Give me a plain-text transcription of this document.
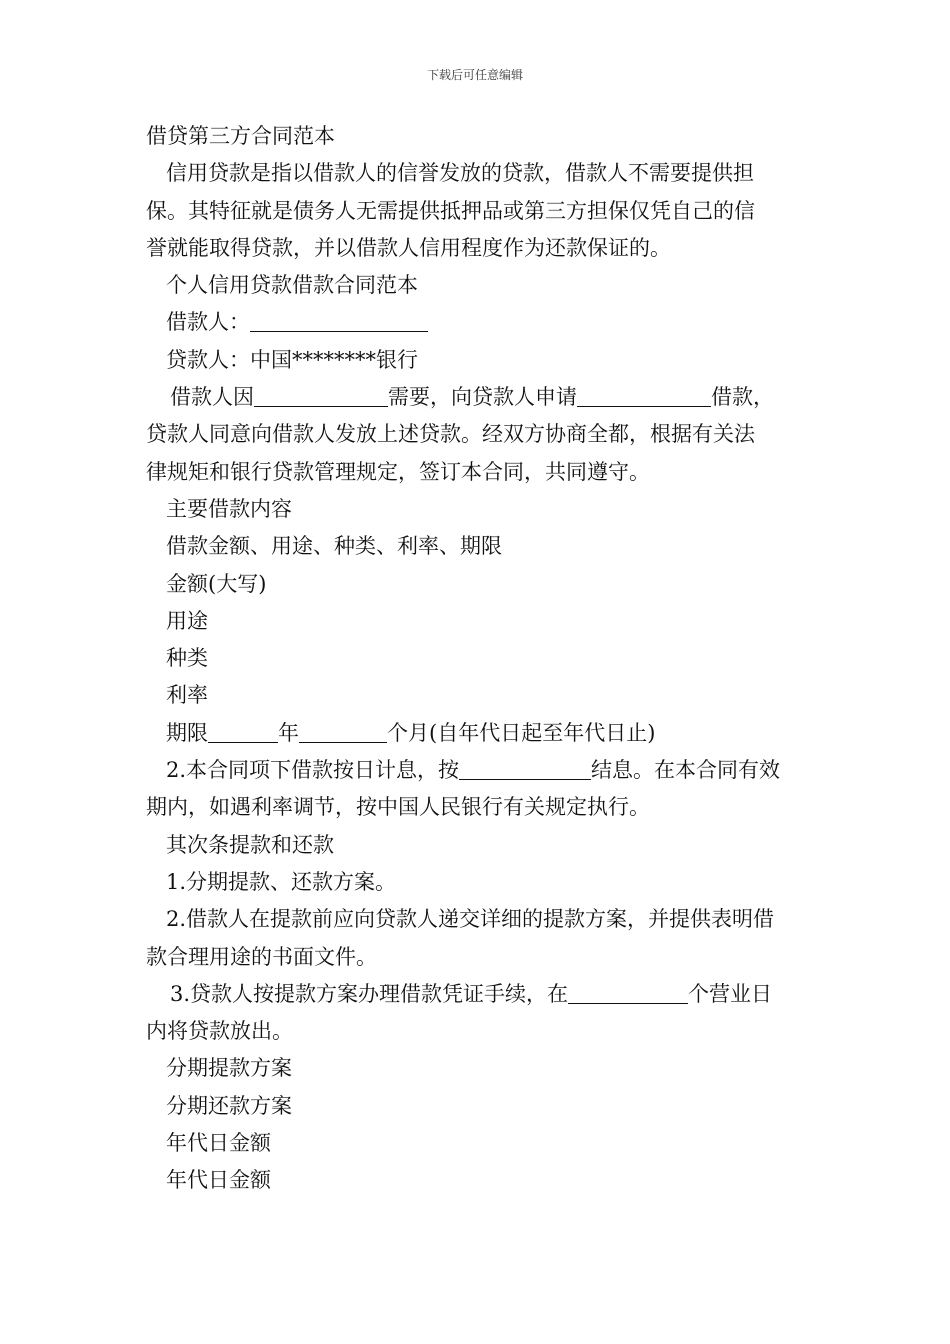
下载后可任意编辑
借贷第三方合同范本
信用贷款是指以借款人的信誉发放的贷款，借款人不需要提供担
保。其特征就是债务人无需提供抵押品或第三方担保仅凭自己的信
誉就能取得贷款，并以借款人信用程度作为还款保证的。
个人信用贷款借款合同范本
借款人：
贷款人：中国********银行
借款人因	需要，向贷款人申请	借款，
贷款人同意向借款人发放上述贷款。经双方协商全都，根据有关法
律规矩和银行贷款管理规定，签订本合同，共同遵守。
主要借款内容
借款金额、用途、种类、利率、期限
金额(大写)
用途
种类
利率
期限	年	个月(自年代日起至年代日止)
2.本合同项下借款按日计息，按	结息。在本合同有效
期内，如遇利率调节，按中国人民银行有关规定执行。
其次条提款和还款
1.分期提款、还款方案。
2.借款人在提款前应向贷款人递交详细的提款方案，并提供表明借
款合理用途的书面文件。
3.贷款人按提款方案办理借款凭证手续，在	个营业日
内将贷款放出。
分期提款方案
分期还款方案
年代日金额
年代日金额
